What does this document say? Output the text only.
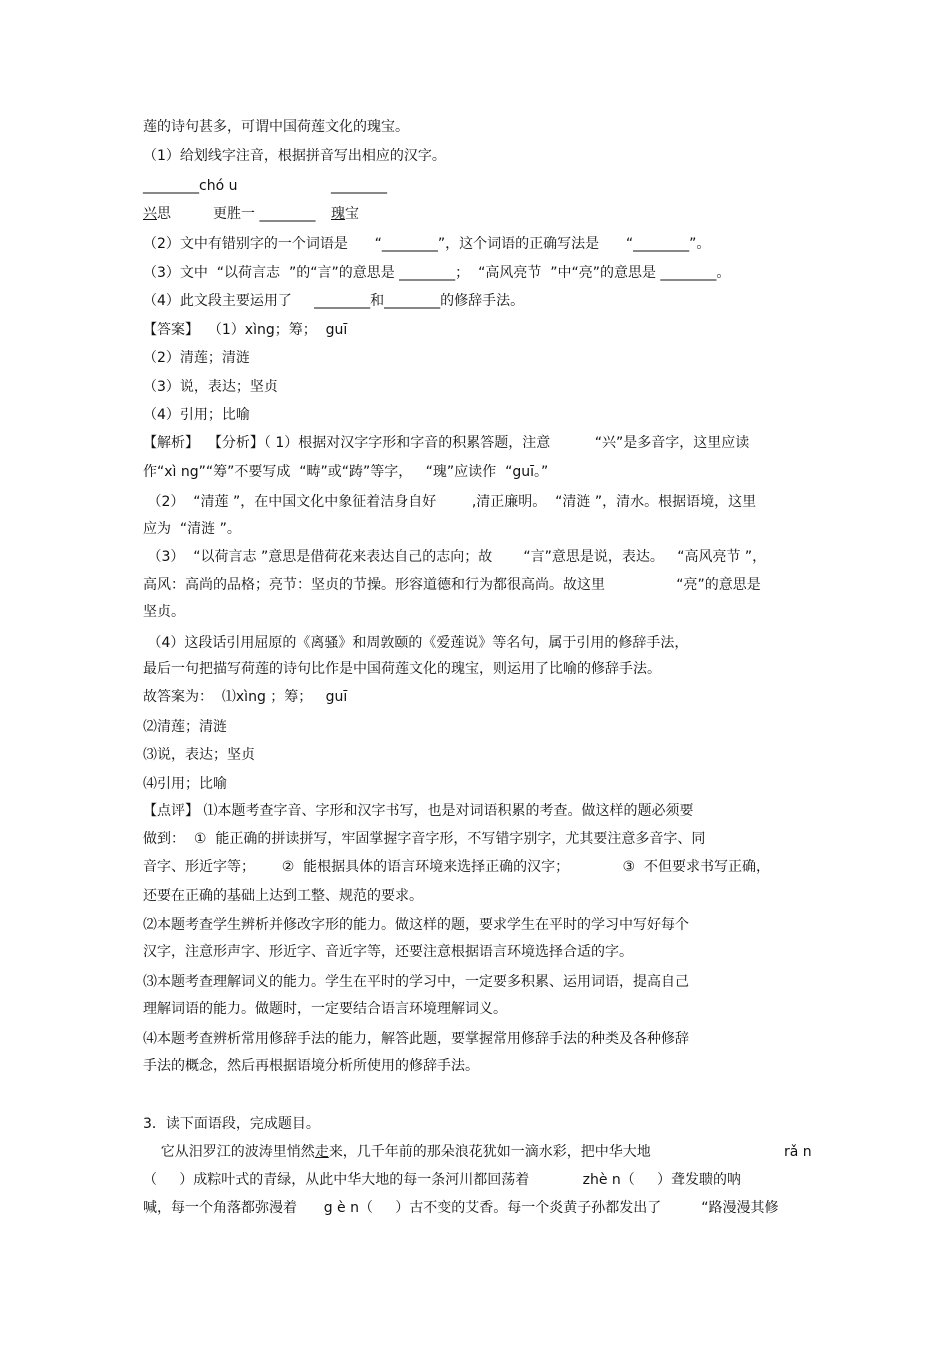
莲的诗句甚多，可谓中国荷莲文化的瑰宝。
（1）给划线字注音，根据拼音写出相应的汉字。
________chó u	________
兴思	更胜一 ________ 瑰宝
（2）文中有错别字的一个词语是      “________”，这个词语的正确写法是      “________”。
（3）文中  “以荷言志  ”的“言”的意思是 ________；  “高风亮节  ”中“亮”的意思是 ________。
（4）此文段主要运用了     ________和________的修辞手法。
【答案】  （1）xìng；筹；  guī
（2）清莲；清涟
（3）说，表达；坚贞
（4）引用；比喻
【解析】  【分析】（ 1）根据对汉字字形和字音的积累答题，注意          “兴”是多音字，这里应读
作“xì ng”“筹”不要写成  “畴”或“踌”等字，   “瑰”应读作  “guī。”
（2）  “清莲 ”，在中国文化中象征着洁身自好        ,清正廉明。  “清涟 ”，清水。根据语境，这里
应为  “清涟 ”。
（3）  “以荷言志 ”意思是借荷花来表达自己的志向；故       “言”意思是说，表达。   “高风亮节 ”，
高风：高尚的品格；亮节：坚贞的节操。形容道德和行为都很高尚。故这里                “亮”的意思是
坚贞。
（4）这段话引用屈原的《离骚》和周敦颐的《爱莲说》等名句，属于引用的修辞手法，
最后一句把描写荷莲的诗句比作是中国荷莲文化的瑰宝，则运用了比喻的修辞手法。
故答案为：  ⑴xìng ；筹；   guī
⑵清莲；清涟
⑶说，表达；坚贞
⑷引用；比喻
【点评】 ⑴本题考查字音、字形和汉字书写，也是对词语积累的考查。做这样的题必须要
做到：  ①  能正确的拼读拼写，牢固掌握字音字形，不写错字别字，尤其要注意多音字、同
音字、形近字等；      ②  能根据具体的语言环境来选择正确的汉字；            ③  不但要求书写正确，
还要在正确的基础上达到工整、规范的要求。
⑵本题考查学生辨析并修改字形的能力。做这样的题，要求学生在平时的学习中写好每个
汉字，注意形声字、形近字、音近字等，还要注意根据语言环境选择合适的字。
⑶本题考查理解词义的能力。学生在平时的学习中，一定要多积累、运用词语，提高自己
理解词语的能力。做题时，一定要结合语言环境理解词义。
⑷本题考查辨析常用修辞手法的能力，解答此题，要掌握常用修辞手法的种类及各种修辞
手法的概念，然后再根据语境分析所使用的修辞手法。
3．读下面语段，完成题目。
它从汨罗江的波涛里悄然走来，几千年前的那朵浪花犹如一滴水彩，把中华大地	rǎ n
（     ）成粽叶式的青绿，从此中华大地的每一条河川都回荡着            zhè n（     ）聋发聩的呐
喊，每一个角落都弥漫着      g è n（     ）古不变的艾香。每一个炎黄子孙都发出了         “路漫漫其修
